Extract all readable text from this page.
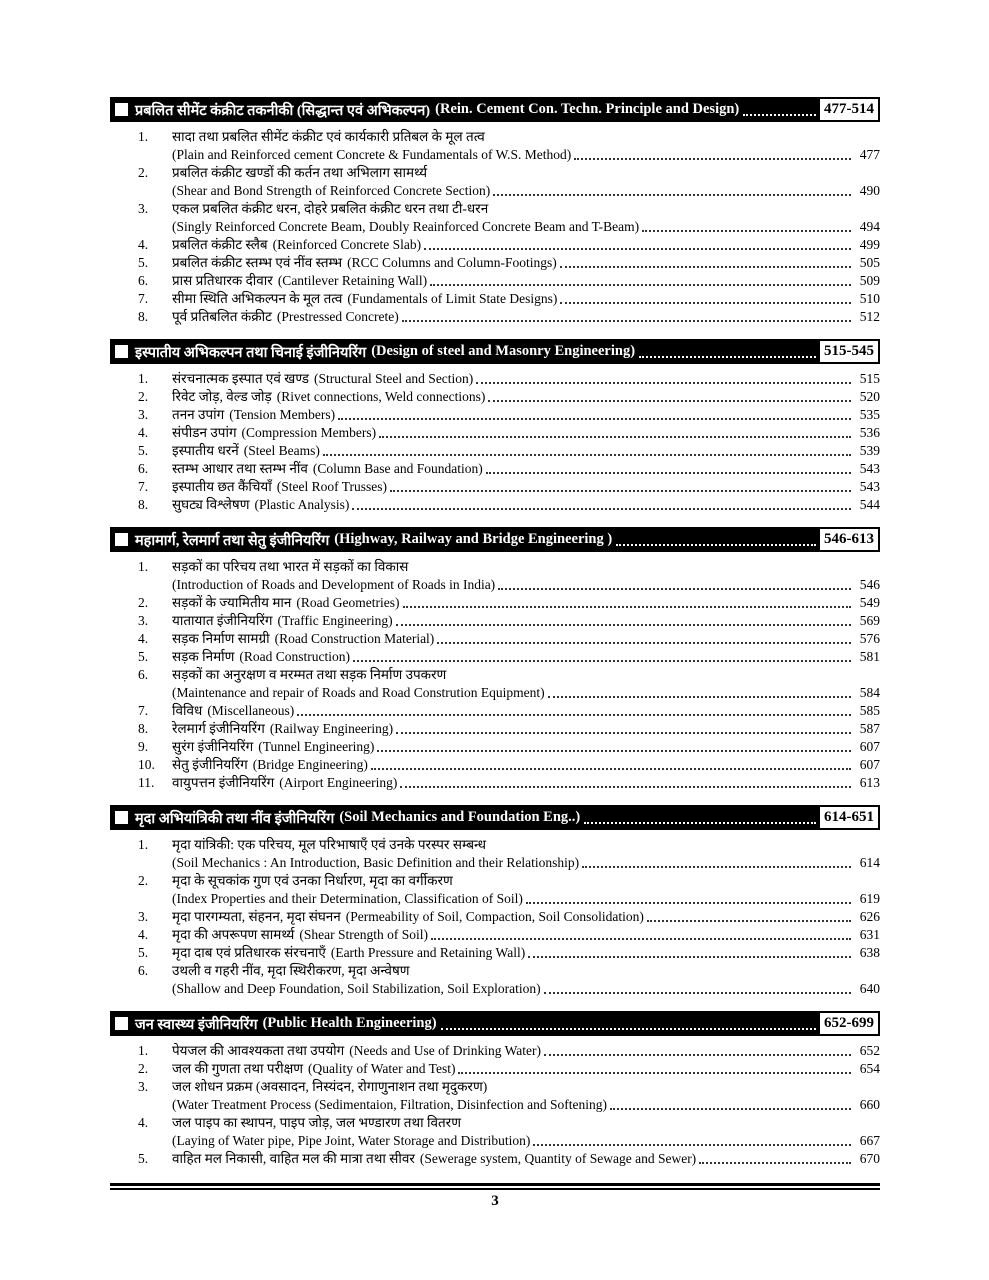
प्रबलित सीमेंट कंक्रीट तकनीकी (सिद्धान्त एवं अभिकल्पन) (Rein. Cement Con. Techn. Principle and Design)	477-514
1.	सादा तथा प्रबलित सीमेंट कंक्रीट एवं कार्यकारी प्रतिबल के मूल तत्व
(Plain and Reinforced cement Concrete & Fundamentals of W.S. Method)	477
2.	प्रबलित कंक्रीट खण्डों की कर्तन तथा अभिलाग सामर्थ्य
(Shear and Bond Strength of Reinforced Concrete Section)	490
3.	एकल प्रबलित कंक्रीट धरन, दोहरे प्रबलित कंक्रीट धरन तथा टी-धरन
(Singly Reinforced Concrete Beam, Doubly Reainforced Concrete Beam and T-Beam)	494
4.	प्रबलित कंक्रीट स्लैब (Reinforced Concrete Slab)	499
5.	प्रबलित कंक्रीट स्तम्भ एवं नींव स्तम्भ (RCC Columns and Column-Footings)	505
6.	प्रास प्रतिधारक दीवार (Cantilever Retaining Wall)	509
7.	सीमा स्थिति अभिकल्पन के मूल तत्व (Fundamentals of Limit State Designs)	510
8.	पूर्व प्रतिबलित कंक्रीट (Prestressed Concrete)	512
इस्पातीय अभिकल्पन तथा चिनाई इंजीनियरिंग (Design of steel and Masonry Engineering)	515-545
1.	संरचनात्मक इस्पात एवं खण्ड (Structural Steel and Section)	515
2.	रिवेट जोड़, वेल्ड जोड़ (Rivet connections, Weld connections)	520
3.	तनन उपांग (Tension Members)	535
4.	संपीडन उपांग (Compression Members)	536
5.	इस्पातीय धरनें (Steel Beams)	539
6.	स्तम्भ आधार तथा स्तम्भ नींव (Column Base and Foundation)	543
7.	इस्पातीय छत कैंचियाँ (Steel Roof Trusses)	543
8.	सुघट्य विश्लेषण (Plastic Analysis)	544
महामार्ग, रेलमार्ग तथा सेतु इंजीनियरिंग (Highway, Railway and Bridge Engineering )	546-613
1.	सड़कों का परिचय तथा भारत में सड़कों का विकास
(Introduction of Roads and Development of Roads in India)	546
2.	सड़कों के ज्यामितीय मान (Road Geometries)	549
3.	यातायात इंजीनियरिंग (Traffic Engineering)	569
4.	सड़क निर्माण सामग्री (Road Construction Material)	576
5.	सड़क निर्माण (Road Construction)	581
6.	सड़कों का अनुरक्षण व मरम्मत तथा सड़क निर्माण उपकरण
(Maintenance and repair of Roads and Road Constrution Equipment)	584
7.	विविध (Miscellaneous)	585
8.	रेलमार्ग इंजीनियरिंग (Railway Engineering)	587
9.	सुरंग इंजीनियरिंग (Tunnel Engineering)	607
10.	सेतु इंजीनियरिंग (Bridge Engineering)	607
11.	वायुपत्तन इंजीनियरिंग (Airport Engineering)	613
मृदा अभियांत्रिकी तथा नींव इंजीनियरिंग (Soil Mechanics and Foundation Eng..)	614-651
1.	मृदा यांत्रिकी: एक परिचय, मूल परिभाषाएँ एवं उनके परस्पर सम्बन्ध
(Soil Mechanics : An Introduction, Basic Definition and their Relationship)	614
2.	मृदा के सूचकांक गुण एवं उनका निर्धारण, मृदा का वर्गीकरण
(Index Properties and their Determination, Classification of Soil)	619
3.	मृदा पारगम्यता, संहनन, मृदा संघनन (Permeability of Soil, Compaction, Soil Consolidation)	626
4.	मृदा की अपरूपण सामर्थ्य (Shear Strength of Soil)	631
5.	मृदा दाब एवं प्रतिधारक संरचनाएँ (Earth Pressure and Retaining Wall)	638
6.	उथली व गहरी नींव, मृदा स्थिरीकरण, मृदा अन्वेषण
(Shallow and Deep Foundation, Soil Stabilization, Soil Exploration)	640
जन स्वास्थ्य इंजीनियरिंग (Public Health Engineering)	652-699
1.	पेयजल की आवश्यकता तथा उपयोग (Needs and Use of Drinking Water)	652
2.	जल की गुणता तथा परीक्षण (Quality of Water and Test)	654
3.	जल शोधन प्रक्रम (अवसादन, निस्यंदन, रोगाणुनाशन तथा मृदुकरण)
(Water Treatment Process (Sedimentaion, Filtration, Disinfection and Softening)	660
4.	जल पाइप का स्थापन, पाइप जोड़, जल भण्डारण तथा वितरण
(Laying of Water pipe, Pipe Joint, Water Storage and Distribution)	667
5.	वाहित मल निकासी, वाहित मल की मात्रा तथा सीवर (Sewerage system, Quantity of Sewage and Sewer)	670
3
